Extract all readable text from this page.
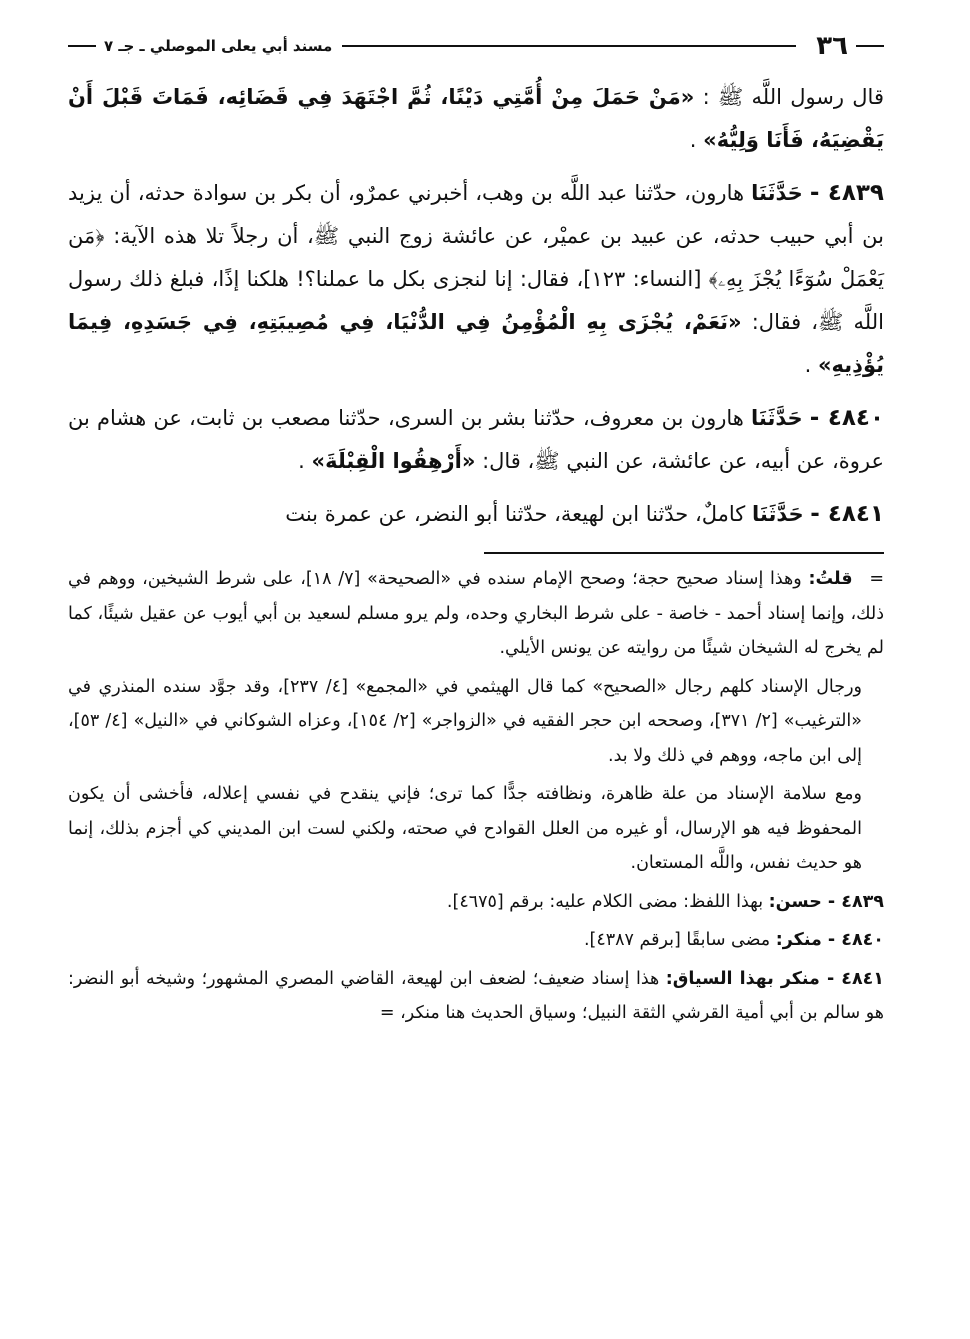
٣٦
مسند أبي يعلى الموصلي ـ جـ ٧

قال رسول اللَّه ﷺ : «مَنْ حَمَلَ مِنْ أُمَّتِي دَيْنًا، ثُمَّ اجْتَهَدَ فِي قَضَائِه، فَمَاتَ قَبْلَ أَنْ يَقْضِيَهُ، فَأَنَا وَلِيُّهُ» .

٤٨٣٩ - حَدَّثَنَا هارون، حدّثنا عبد اللَّه بن وهب، أخبرني عمرٌو، أن بكر بن سوادة حدثه، أن يزيد بن أبي حبيب حدثه، عن عبيد بن عميْر، عن عائشة زوج النبي ﷺ، أن رجلاً تلا هذه الآية: ﴿مَن يَعْمَلْ سُوٓءًا يُجْزَ بِهِۦ﴾ [النساء: ١٢٣]، فقال: إنا لنجزى بكل ما عملنا؟! هلكنا إذًا، فبلغ ذلك رسول اللَّه ﷺ، فقال: «نَعَمْ، يُجْزَى بِهِ الْمُؤْمِنُ فِي الدُّنْيَا، فِي مُصِيبَتِهِ، فِي جَسَدِهِ، فِيمَا يُؤْذِيهِ» .

٤٨٤٠ - حَدَّثَنَا هارون بن معروف، حدّثنا بشر بن السرى، حدّثنا مصعب بن ثابت، عن هشام بن عروة، عن أبيه، عن عائشة، عن النبي ﷺ، قال: «أَرْهِقُوا الْقِبْلَةَ» .

٤٨٤١ - حَدَّثَنَا كاملٌ، حدّثنا ابن لهيعة، حدّثنا أبو النضر، عن عمرة بنت

= قلتُ: وهذا إسناد صحيح حجة؛ وصحح الإمام سنده في «الصحيحة» [٧/ ١٨]، على شرط الشيخين، ووهم في ذلك، وإنما إسناد أحمد - خاصة - على شرط البخاري وحده، ولم يرو مسلم لسعيد بن أبي أيوب عن عقيل شيئًا، كما لم يخرج له الشيخان شيئًا من روايته عن يونس الأيلي.

ورجال الإسناد كلهم رجال «الصحيح» كما قال الهيثمي في «المجمع» [٤/ ٢٣٧]، وقد جوَّد سنده المنذري في «الترغيب» [٢/ ٣٧١]، وصححه ابن حجر الفقيه في «الزواجر» [٢/ ١٥٤]، وعزاه الشوكاني في «النيل» [٤/ ٥٣]، إلى ابن ماجه، ووهم في ذلك ولا بد.

ومع سلامة الإسناد من علة ظاهرة، ونظافته جدًّا كما ترى؛ فإني ينقدح في نفسي إعلاله، فأخشى أن يكون المحفوظ فيه هو الإرسال، أو غيره من العلل القوادح في صحته، ولكني لست ابن المديني كي أجزم بذلك، إنما هو حديث نفس، واللَّه المستعان.

٤٨٣٩ - حسن: بهذا اللفظ: مضى الكلام عليه: برقم [٤٦٧٥].

٤٨٤٠ - منكر: مضى سابقًا [برقم ٤٣٨٧].

٤٨٤١ - منكر بهذا السياق: هذا إسناد ضعيف؛ لضعف ابن لهيعة، القاضي المصري المشهور؛ وشيخه أبو النضر: هو سالم بن أبي أمية القرشي الثقة النبيل؛ وسياق الحديث هنا منكر، =
